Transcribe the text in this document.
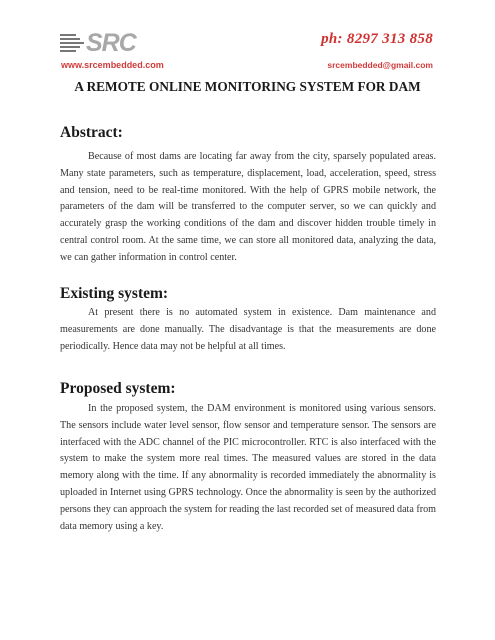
SRC	ph: 8297 313 858
www.srcembedded.com	srcembedded@gmail.com
A REMOTE ONLINE MONITORING SYSTEM FOR DAM
Abstract:

Because of most dams are locating far away from the city, sparsely populated areas. Many state parameters, such as temperature, displacement, load, acceleration, speed, stress and tension, need to be real-time monitored. With the help of GPRS mobile network, the parameters of the dam will be transferred to the computer server, so we can quickly and accurately grasp the working conditions of the dam and discover hidden trouble timely in central control room. At the same time, we can store all monitored data, analyzing the data, we can gather information in control center.

Existing system:

At present there is no automated system in existence. Dam maintenance and measurements are done manually. The disadvantage is that the measurements are done periodically. Hence data may not be helpful at all times.

Proposed system:

In the proposed system, the DAM environment is monitored using various sensors. The sensors include water level sensor, flow sensor and temperature sensor. The sensors are interfaced with the ADC channel of the PIC microcontroller. RTC is also interfaced with the system to make the system more real times. The measured values are stored in the data memory along with the time. If any abnormality is recorded immediately the abnormality is uploaded in Internet using GPRS technology. Once the abnormality is seen by the authorized persons they can approach the system for reading the last recorded set of measured data from data memory using a key.
